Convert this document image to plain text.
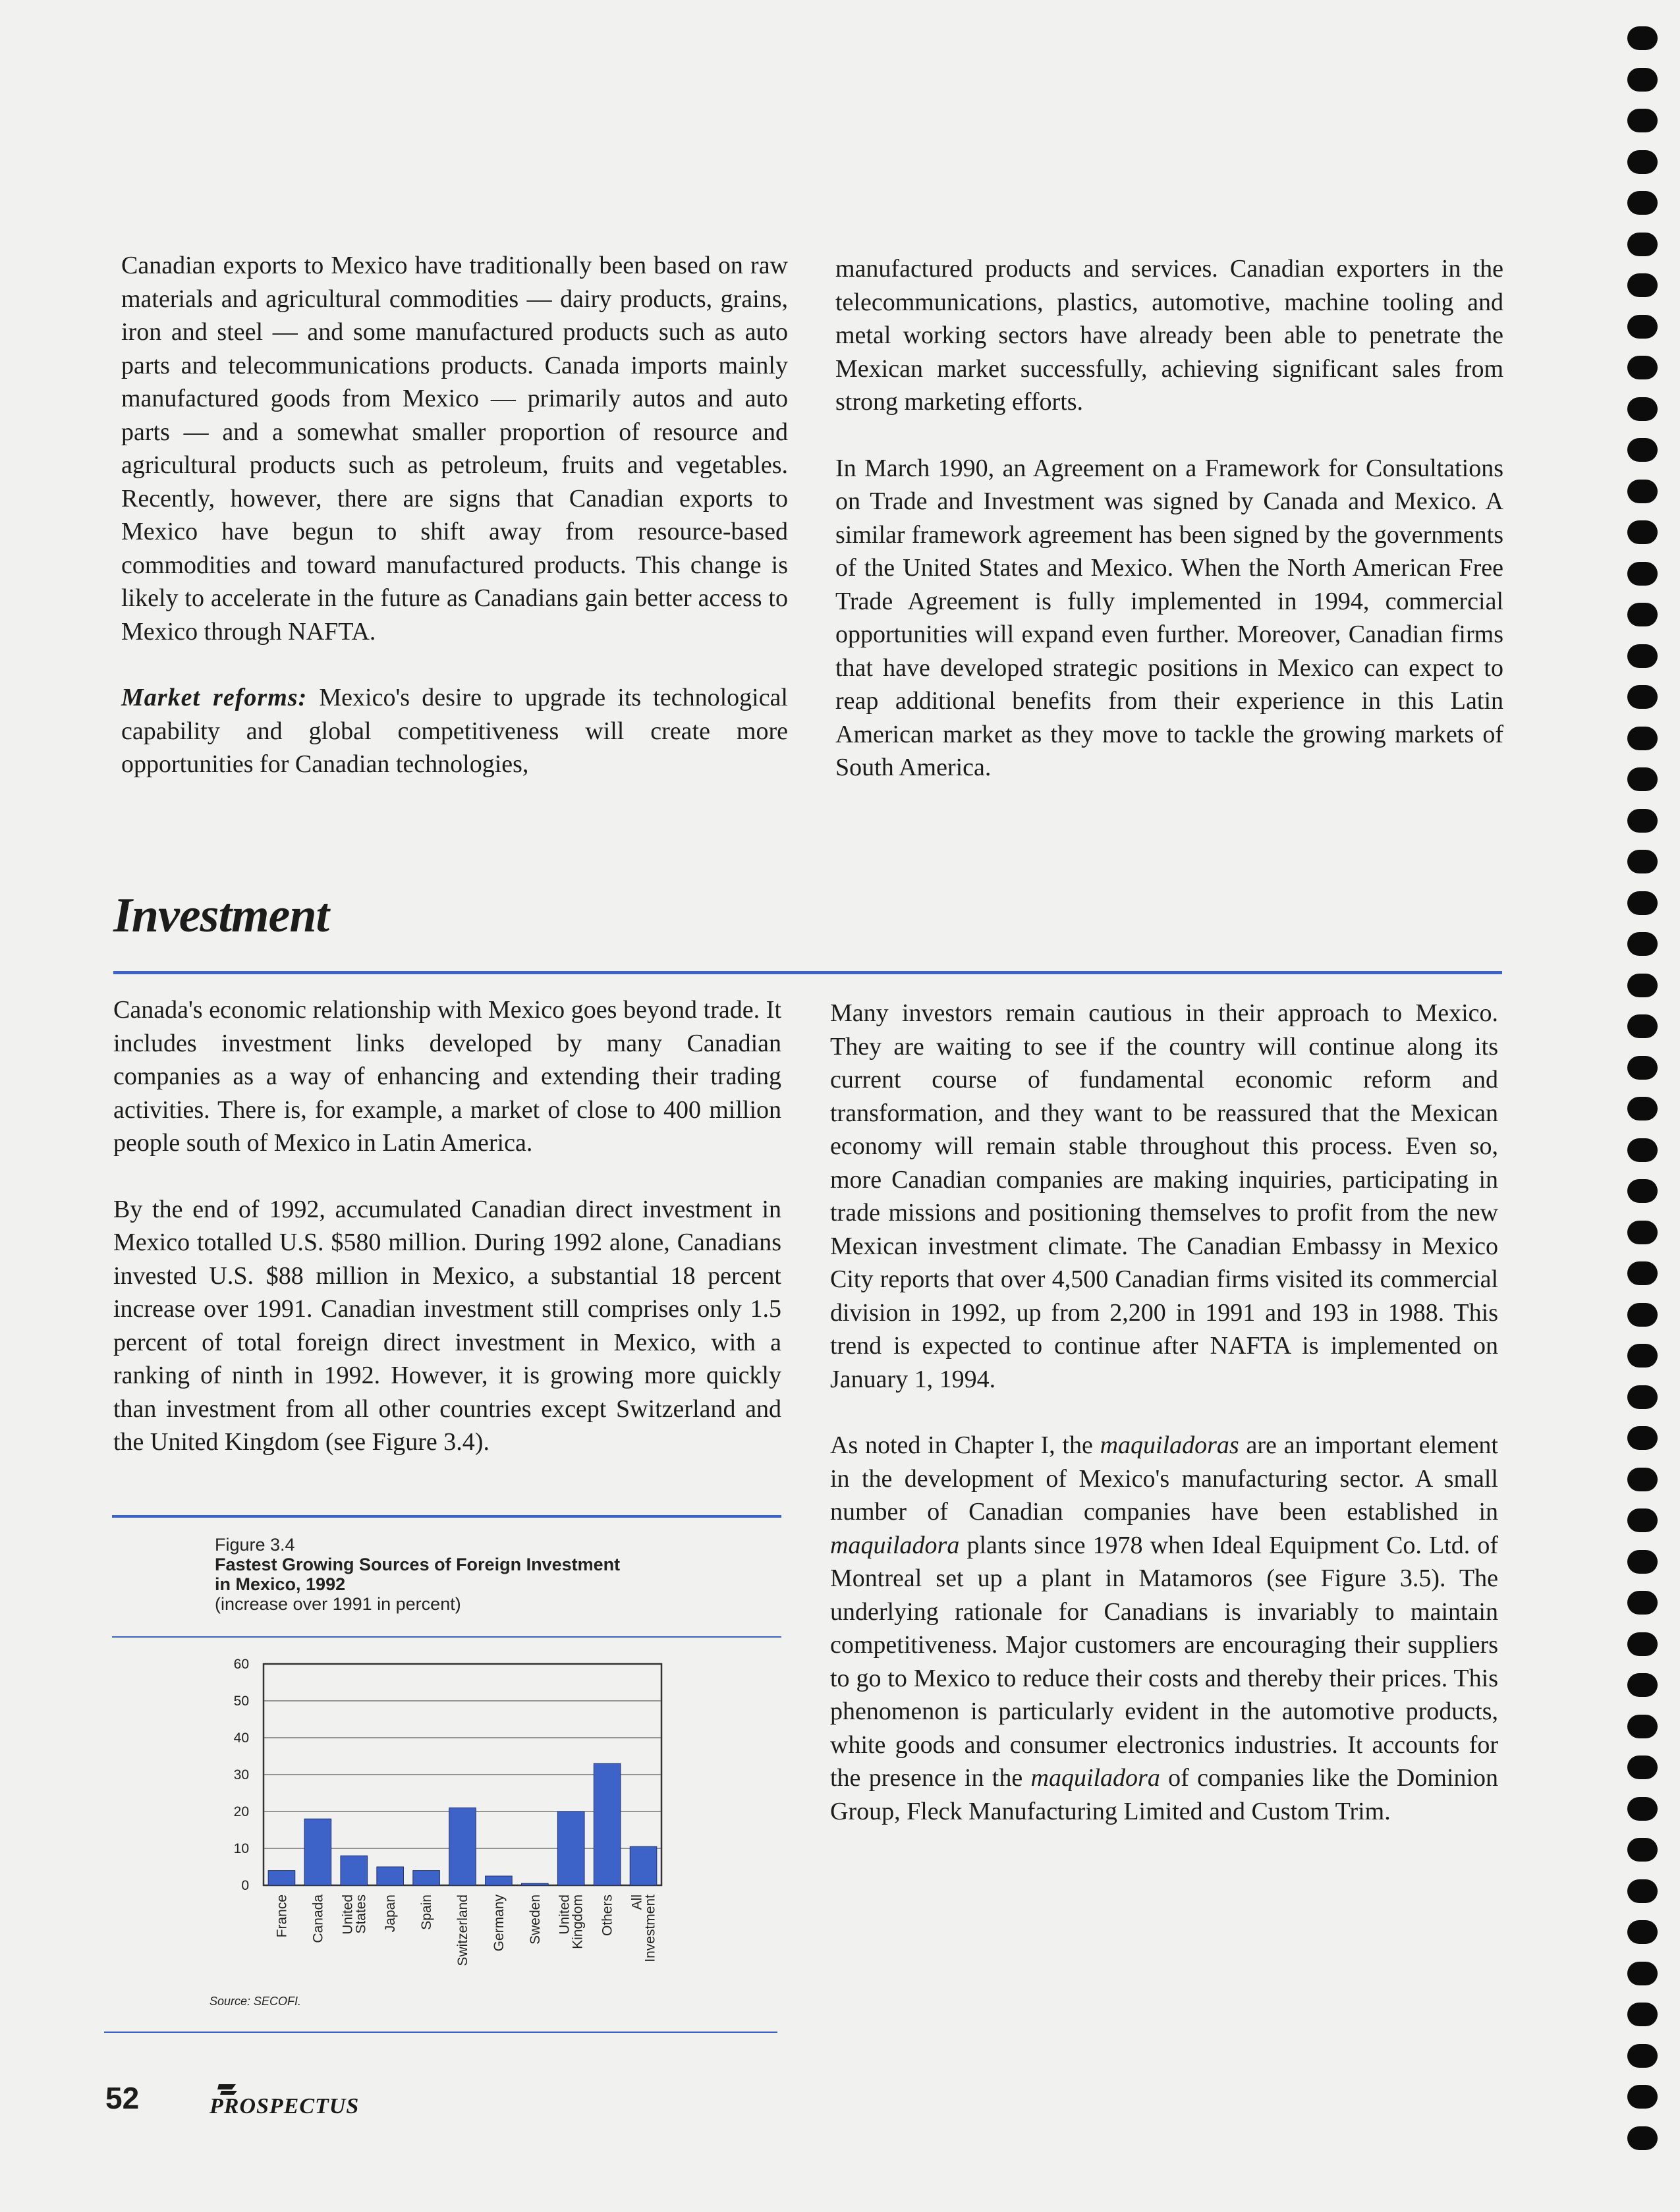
Canadian exports to Mexico have traditionally been based on raw materials and agricultural commodities — dairy products, grains, iron and steel — and some manufactured products such as auto parts and telecommunications products. Canada imports mainly manufactured goods from Mexico — primarily autos and auto parts — and a somewhat smaller proportion of resource and agricultural products such as petroleum, fruits and vegetables. Recently, however, there are signs that Canadian exports to Mexico have begun to shift away from resource-based commodities and toward manufactured products. This change is likely to accelerate in the future as Canadians gain better access to Mexico through NAFTA.

Market reforms: Mexico's desire to upgrade its technological capability and global competitiveness will create more opportunities for Canadian technologies,

manufactured products and services. Canadian exporters in the telecommunications, plastics, automotive, machine tooling and metal working sectors have already been able to penetrate the Mexican market successfully, achieving significant sales from strong marketing efforts.

In March 1990, an Agreement on a Framework for Consultations on Trade and Investment was signed by Canada and Mexico. A similar framework agreement has been signed by the governments of the United States and Mexico. When the North American Free Trade Agreement is fully implemented in 1994, commercial opportunities will expand even further. Moreover, Canadian firms that have developed strategic positions in Mexico can expect to reap additional benefits from their experience in this Latin American market as they move to tackle the growing markets of South America.

Investment

Canada's economic relationship with Mexico goes beyond trade. It includes investment links developed by many Canadian companies as a way of enhancing and extending their trading activities. There is, for example, a market of close to 400 million people south of Mexico in Latin America.

By the end of 1992, accumulated Canadian direct investment in Mexico totalled U.S. $580 million. During 1992 alone, Canadians invested U.S. $88 million in Mexico, a substantial 18 percent increase over 1991. Canadian investment still comprises only 1.5 percent of total foreign direct investment in Mexico, with a ranking of ninth in 1992. However, it is growing more quickly than investment from all other countries except Switzerland and the United Kingdom (see Figure 3.4).

Many investors remain cautious in their approach to Mexico. They are waiting to see if the country will continue along its current course of fundamental economic reform and transformation, and they want to be reassured that the Mexican economy will remain stable throughout this process. Even so, more Canadian companies are making inquiries, participating in trade missions and positioning themselves to profit from the new Mexican investment climate. The Canadian Embassy in Mexico City reports that over 4,500 Canadian firms visited its commercial division in 1992, up from 2,200 in 1991 and 193 in 1988. This trend is expected to continue after NAFTA is implemented on January 1, 1994.

As noted in Chapter I, the maquiladoras are an important element in the development of Mexico's manufacturing sector. A small number of Canadian companies have been established in maquiladora plants since 1978 when Ideal Equipment Co. Ltd. of Montreal set up a plant in Matamoros (see Figure 3.5). The underlying rationale for Canadians is invariably to maintain competitiveness. Major customers are encouraging their suppliers to go to Mexico to reduce their costs and thereby their prices. This phenomenon is particularly evident in the automotive products, white goods and consumer electronics industries. It accounts for the presence in the maquiladora of companies like the Dominion Group, Fleck Manufacturing Limited and Custom Trim.

Figure 3.4
Fastest Growing Sources of Foreign Investment
in Mexico, 1992
(increase over 1991 in percent)
0
10
20
30
40
50
60
France Canada United
States Japan Spain Switzerland Germany Sweden United
Kingdom Others All
Investment
Source: SECOFI.
52	PROSPECTUS
